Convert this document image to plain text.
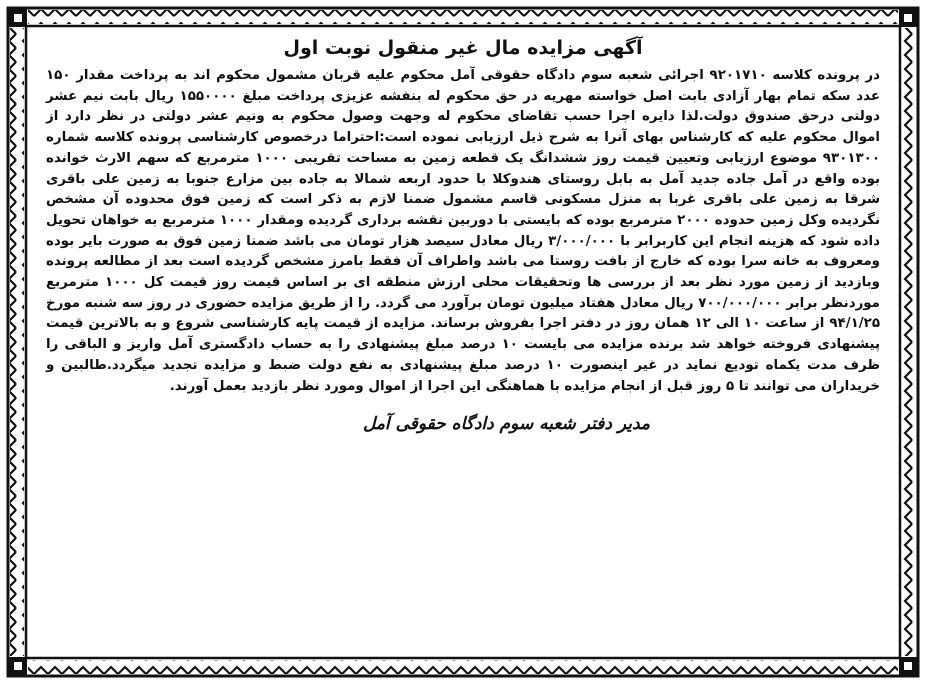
آگهی مزایده مال غیر منقول نوبت اول

در پرونده کلاسه ۹۲۰۱۷۱۰ اجرائی شعبه سوم دادگاه حقوقی آمل محکوم علیه قربان مشمول محکوم اند به پرداخت مقدار ۱۵۰ عدد سکه تمام بهار آزادی بابت اصل خواسته مهریه در حق محکوم له بنفشه عزیزی پرداخت مبلغ ۱۵۵۰۰۰۰ ریال بابت نیم عشر دولتی درحق صندوق دولت.لذا دایره اجرا حسب تقاضای محکوم له وجهت وصول محکوم به ونیم عشر دولتی در نظر دارد از اموال محکوم علیه که کارشناس بهای آنرا به شرح ذیل ارزیابی نموده است:احتراما درخصوص کارشناسی پرونده کلاسه شماره ۹۳۰۱۳۰۰ موضوع ارزیابی وتعیین قیمت روز ششدانگ یک قطعه زمین به مساحت تقریبی ۱۰۰۰ مترمربع که سهم الارث خوانده بوده واقع در آمل جاده جدید آمل به بابل روستای هندوکلا با حدود اربعه شمالا به جاده بین مزارع جنوبا به زمین علی باقری شرقا به زمین علی باقری غربا به منزل مسکونی قاسم مشمول ضمنا لازم به ذکر است که زمین فوق محدوده آن مشخص نگردیده وکل زمین حدوده ۲۰۰۰ مترمربع بوده که بایستی با دوربین نقشه برداری گردیده ومقدار ۱۰۰۰ مترمربع به خواهان تحویل داده شود که هزینه انجام این کاربرابر با ۳/۰۰۰/۰۰۰ ریال معادل سیصد هزار تومان می باشد ضمنا زمین فوق به صورت بایر بوده ومعروف به خانه سرا بوده که خارج از بافت روستا می باشد واطراف آن فقط بامرز مشخص گردیده است بعد از مطالعه پرونده وبازدید از زمین مورد نظر بعد از بررسی ها وتحقیقات محلی ارزش منطقه ای بر اساس قیمت روز قیمت کل ۱۰۰۰ مترمربع موردنظر برابر ۷۰۰/۰۰۰/۰۰۰ ریال معادل هفتاد میلیون تومان برآورد می گردد. را از طریق مزایده حضوری در روز سه شنبه مورخ ۹۴/۱/۲۵ از ساعت ۱۰ الی ۱۲ همان روز در دفتر اجرا بفروش برساند. مزایده از قیمت پایه کارشناسی شروع و به بالاترین قیمت پیشنهادی فروخته خواهد شد برنده مزایده می بایست ۱۰ درصد مبلغ پیشنهادی را به حساب دادگستری آمل واریز و الباقی را ظرف مدت یکماه تودیع نماید در غیر اینصورت ۱۰ درصد مبلغ پیشنهادی به نفع دولت ضبط و مزایده تجدید میگردد.طالبین و خریداران می توانند تا ۵ روز قبل از انجام مزایده با هماهنگی این اجرا از اموال ومورد نظر بازدید بعمل آورند.

مدیر دفتر شعبه سوم دادگاه حقوقی آمل
